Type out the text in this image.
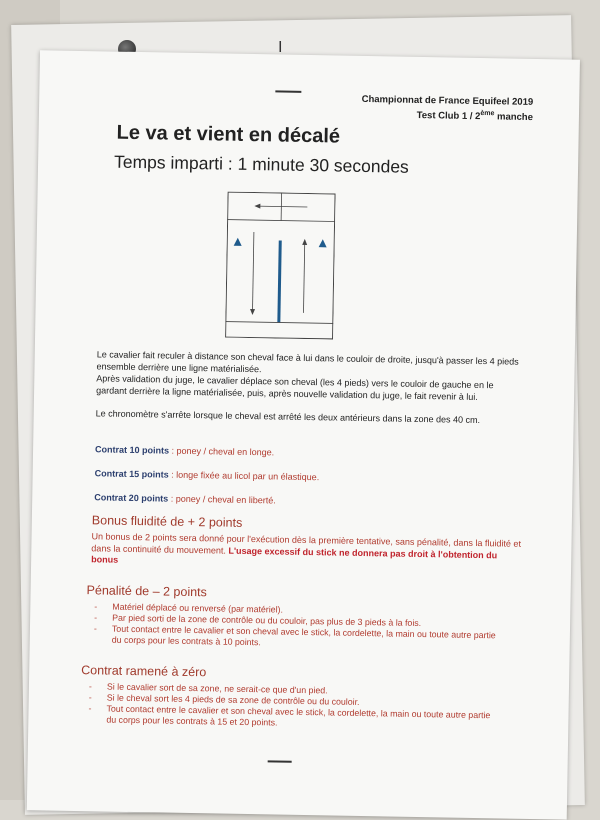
I
Championnat de France Equifeel 2019
Test Club 1 / 2ème manche
Le va et vient en décalé
Temps imparti : 1 minute 30 secondes
Le cavalier fait reculer à distance son cheval face à lui dans le couloir de droite, jusqu'à passer les 4 pieds ensemble derrière une ligne matérialisée.
Après validation du juge, le cavalier déplace son cheval (les 4 pieds) vers le couloir de gauche en le gardant derrière la ligne matérialisée, puis, après nouvelle validation du juge, le fait revenir à lui.
Le chronomètre s'arrête lorsque le cheval est arrêté les deux antérieurs dans la zone des 40 cm.
Contrat 10 points : poney / cheval en longe.
Contrat 15 points : longe fixée au licol par un élastique.
Contrat 20 points : poney / cheval en liberté.
Bonus fluidité de + 2 points
Un bonus de 2 points sera donné pour l'exécution dès la première tentative, sans pénalité, dans la fluidité et dans la continuité du mouvement. L'usage excessif du stick ne donnera pas droit à l'obtention du bonus
Pénalité de – 2 points
- Matériel déplacé ou renversé (par matériel).
- Par pied sorti de la zone de contrôle ou du couloir, pas plus de 3 pieds à la fois.
- Tout contact entre le cavalier et son cheval avec le stick, la cordelette, la main ou toute autre partie du corps pour les contrats à 10 points.
Contrat ramené à zéro
- Si le cavalier sort de sa zone, ne serait-ce que d'un pied.
- Si le cheval sort les 4 pieds de sa zone de contrôle ou du couloir.
- Tout contact entre le cavalier et son cheval avec le stick, la cordelette, la main ou toute autre partie du corps pour les contrats à 15 et 20 points.
